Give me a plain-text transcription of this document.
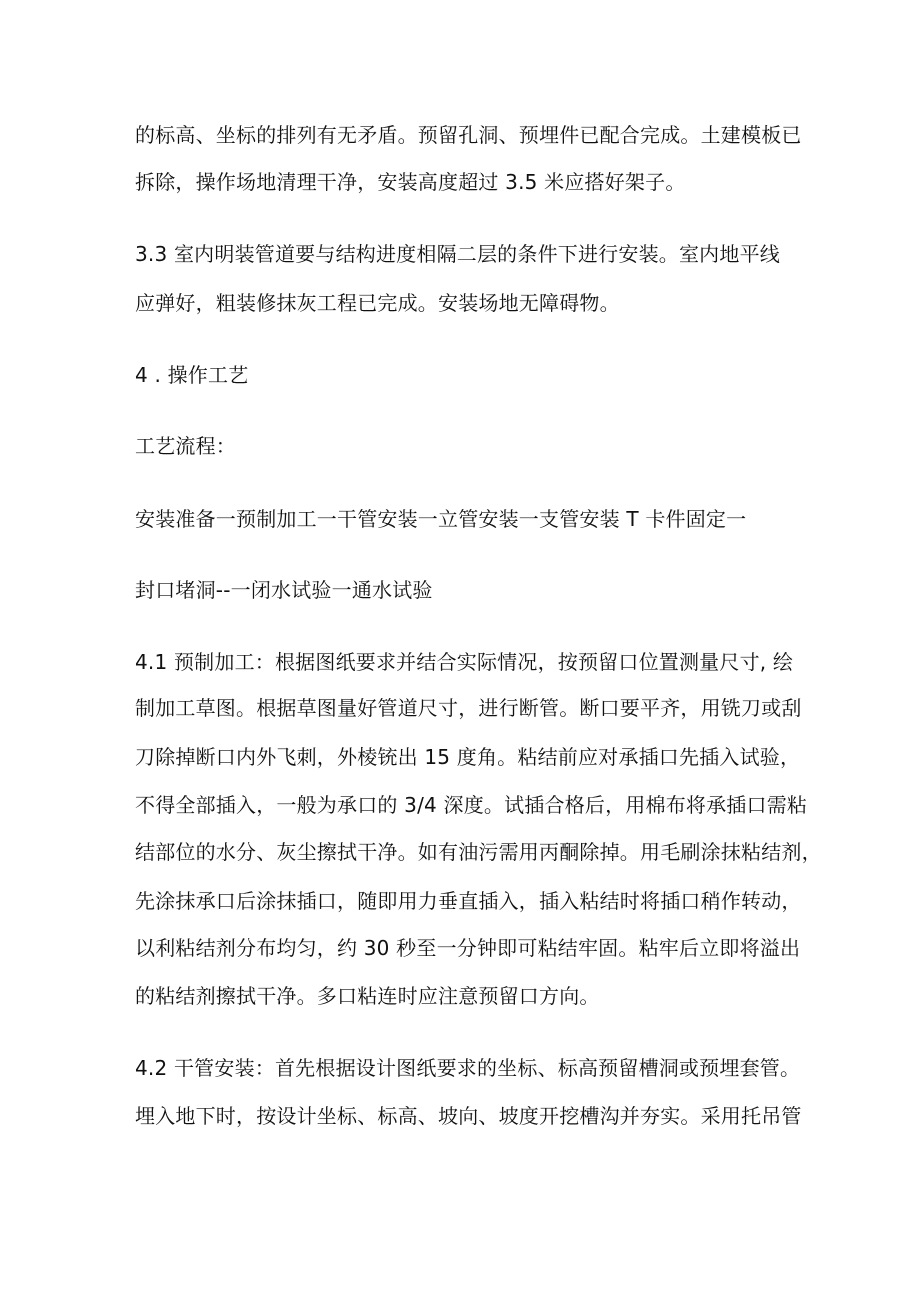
的标高、坐标的排列有无矛盾。预留孔洞、预埋件已配合完成。土建模板已
拆除，操作场地清理干净，安装高度超过 3.5 米应搭好架子。
3.3 室内明装管道要与结构进度相隔二层的条件下进行安装。室内地平线
应弹好，粗装修抹灰工程已完成。安装场地无障碍物。
4 . 操作工艺
工艺流程：
安装准备一预制加工一干管安装一立管安装一支管安装 T 卡件固定一
封口堵洞--一闭水试验一通水试验
4.1 预制加工：根据图纸要求并结合实际情况，按预留口位置测量尺寸, 绘
制加工草图。根据草图量好管道尺寸，进行断管。断口要平齐，用铣刀或刮
刀除掉断口内外飞刺，外棱铳出 15 度角。粘结前应对承插口先插入试验，
不得全部插入，一般为承口的 3/4 深度。试插合格后，用棉布将承插口需粘
结部位的水分、灰尘擦拭干净。如有油污需用丙酮除掉。用毛刷涂抹粘结剂，
先涂抹承口后涂抹插口，随即用力垂直插入，插入粘结时将插口稍作转动，
以利粘结剂分布均匀，约 30 秒至一分钟即可粘结牢固。粘牢后立即将溢出
的粘结剂擦拭干净。多口粘连时应注意预留口方向。
4.2 干管安装：首先根据设计图纸要求的坐标、标高预留槽洞或预埋套管。
埋入地下时，按设计坐标、标高、坡向、坡度开挖槽沟并夯实。采用托吊管
